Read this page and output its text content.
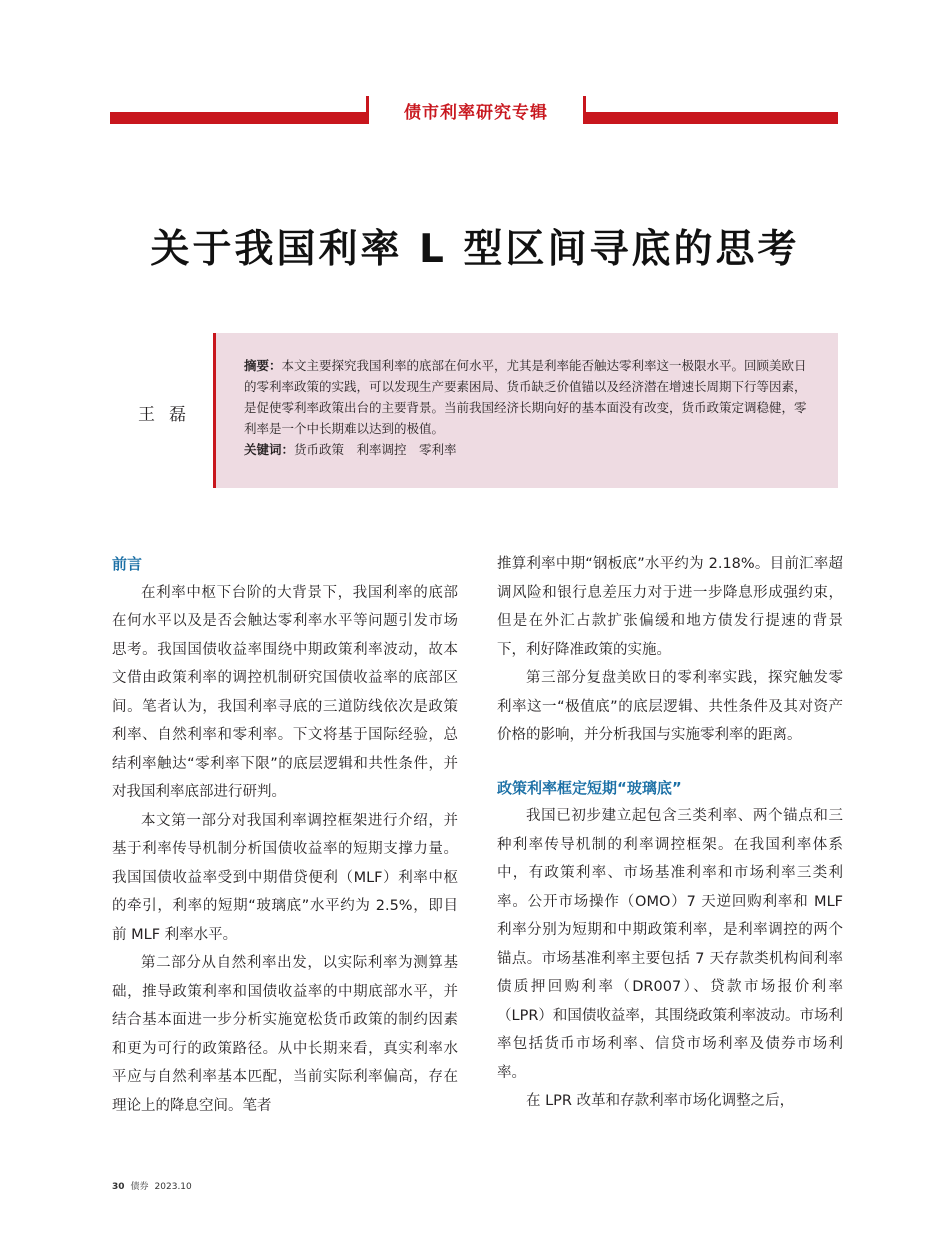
债市利率研究专辑
关于我国利率 L 型区间寻底的思考
王磊
摘要：本文主要探究我国利率的底部在何水平，尤其是利率能否触达零利率这一极限水平。回顾美欧日的零利率政策的实践，可以发现生产要素困局、货币缺乏价值锚以及经济潜在增速长周期下行等因素，是促使零利率政策出台的主要背景。当前我国经济长期向好的基本面没有改变，货币政策定调稳健，零利率是一个中长期难以达到的极值。
关键词：货币政策　利率调控　零利率
前言

在利率中枢下台阶的大背景下，我国利率的底部在何水平以及是否会触达零利率水平等问题引发市场思考。我国国债收益率围绕中期政策利率波动，故本文借由政策利率的调控机制研究国债收益率的底部区间。笔者认为，我国利率寻底的三道防线依次是政策利率、自然利率和零利率。下文将基于国际经验，总结利率触达“零利率下限”的底层逻辑和共性条件，并对我国利率底部进行研判。

本文第一部分对我国利率调控框架进行介绍，并基于利率传导机制分析国债收益率的短期支撑力量。我国国债收益率受到中期借贷便利（MLF）利率中枢的牵引，利率的短期“玻璃底”水平约为 2.5%，即目前 MLF 利率水平。

第二部分从自然利率出发，以实际利率为测算基础，推导政策利率和国债收益率的中期底部水平，并结合基本面进一步分析实施宽松货币政策的制约因素和更为可行的政策路径。从中长期来看，真实利率水平应与自然利率基本匹配，当前实际利率偏高，存在理论上的降息空间。笔者

推算利率中期“钢板底”水平约为 2.18%。目前汇率超调风险和银行息差压力对于进一步降息形成强约束，但是在外汇占款扩张偏缓和地方债发行提速的背景下，利好降准政策的实施。

第三部分复盘美欧日的零利率实践，探究触发零利率这一“极值底”的底层逻辑、共性条件及其对资产价格的影响，并分析我国与实施零利率的距离。

政策利率框定短期“玻璃底”

我国已初步建立起包含三类利率、两个锚点和三种利率传导机制的利率调控框架。在我国利率体系中，有政策利率、市场基准利率和市场利率三类利率。公开市场操作（OMO）7 天逆回购利率和 MLF 利率分别为短期和中期政策利率，是利率调控的两个锚点。市场基准利率主要包括 7 天存款类机构间利率债质押回购利率（DR007）、贷款市场报价利率（LPR）和国债收益率，其围绕政策利率波动。市场利率包括货币市场利率、信贷市场利率及债券市场利率。

在 LPR 改革和存款利率市场化调整之后，

30 债券 2023.10
